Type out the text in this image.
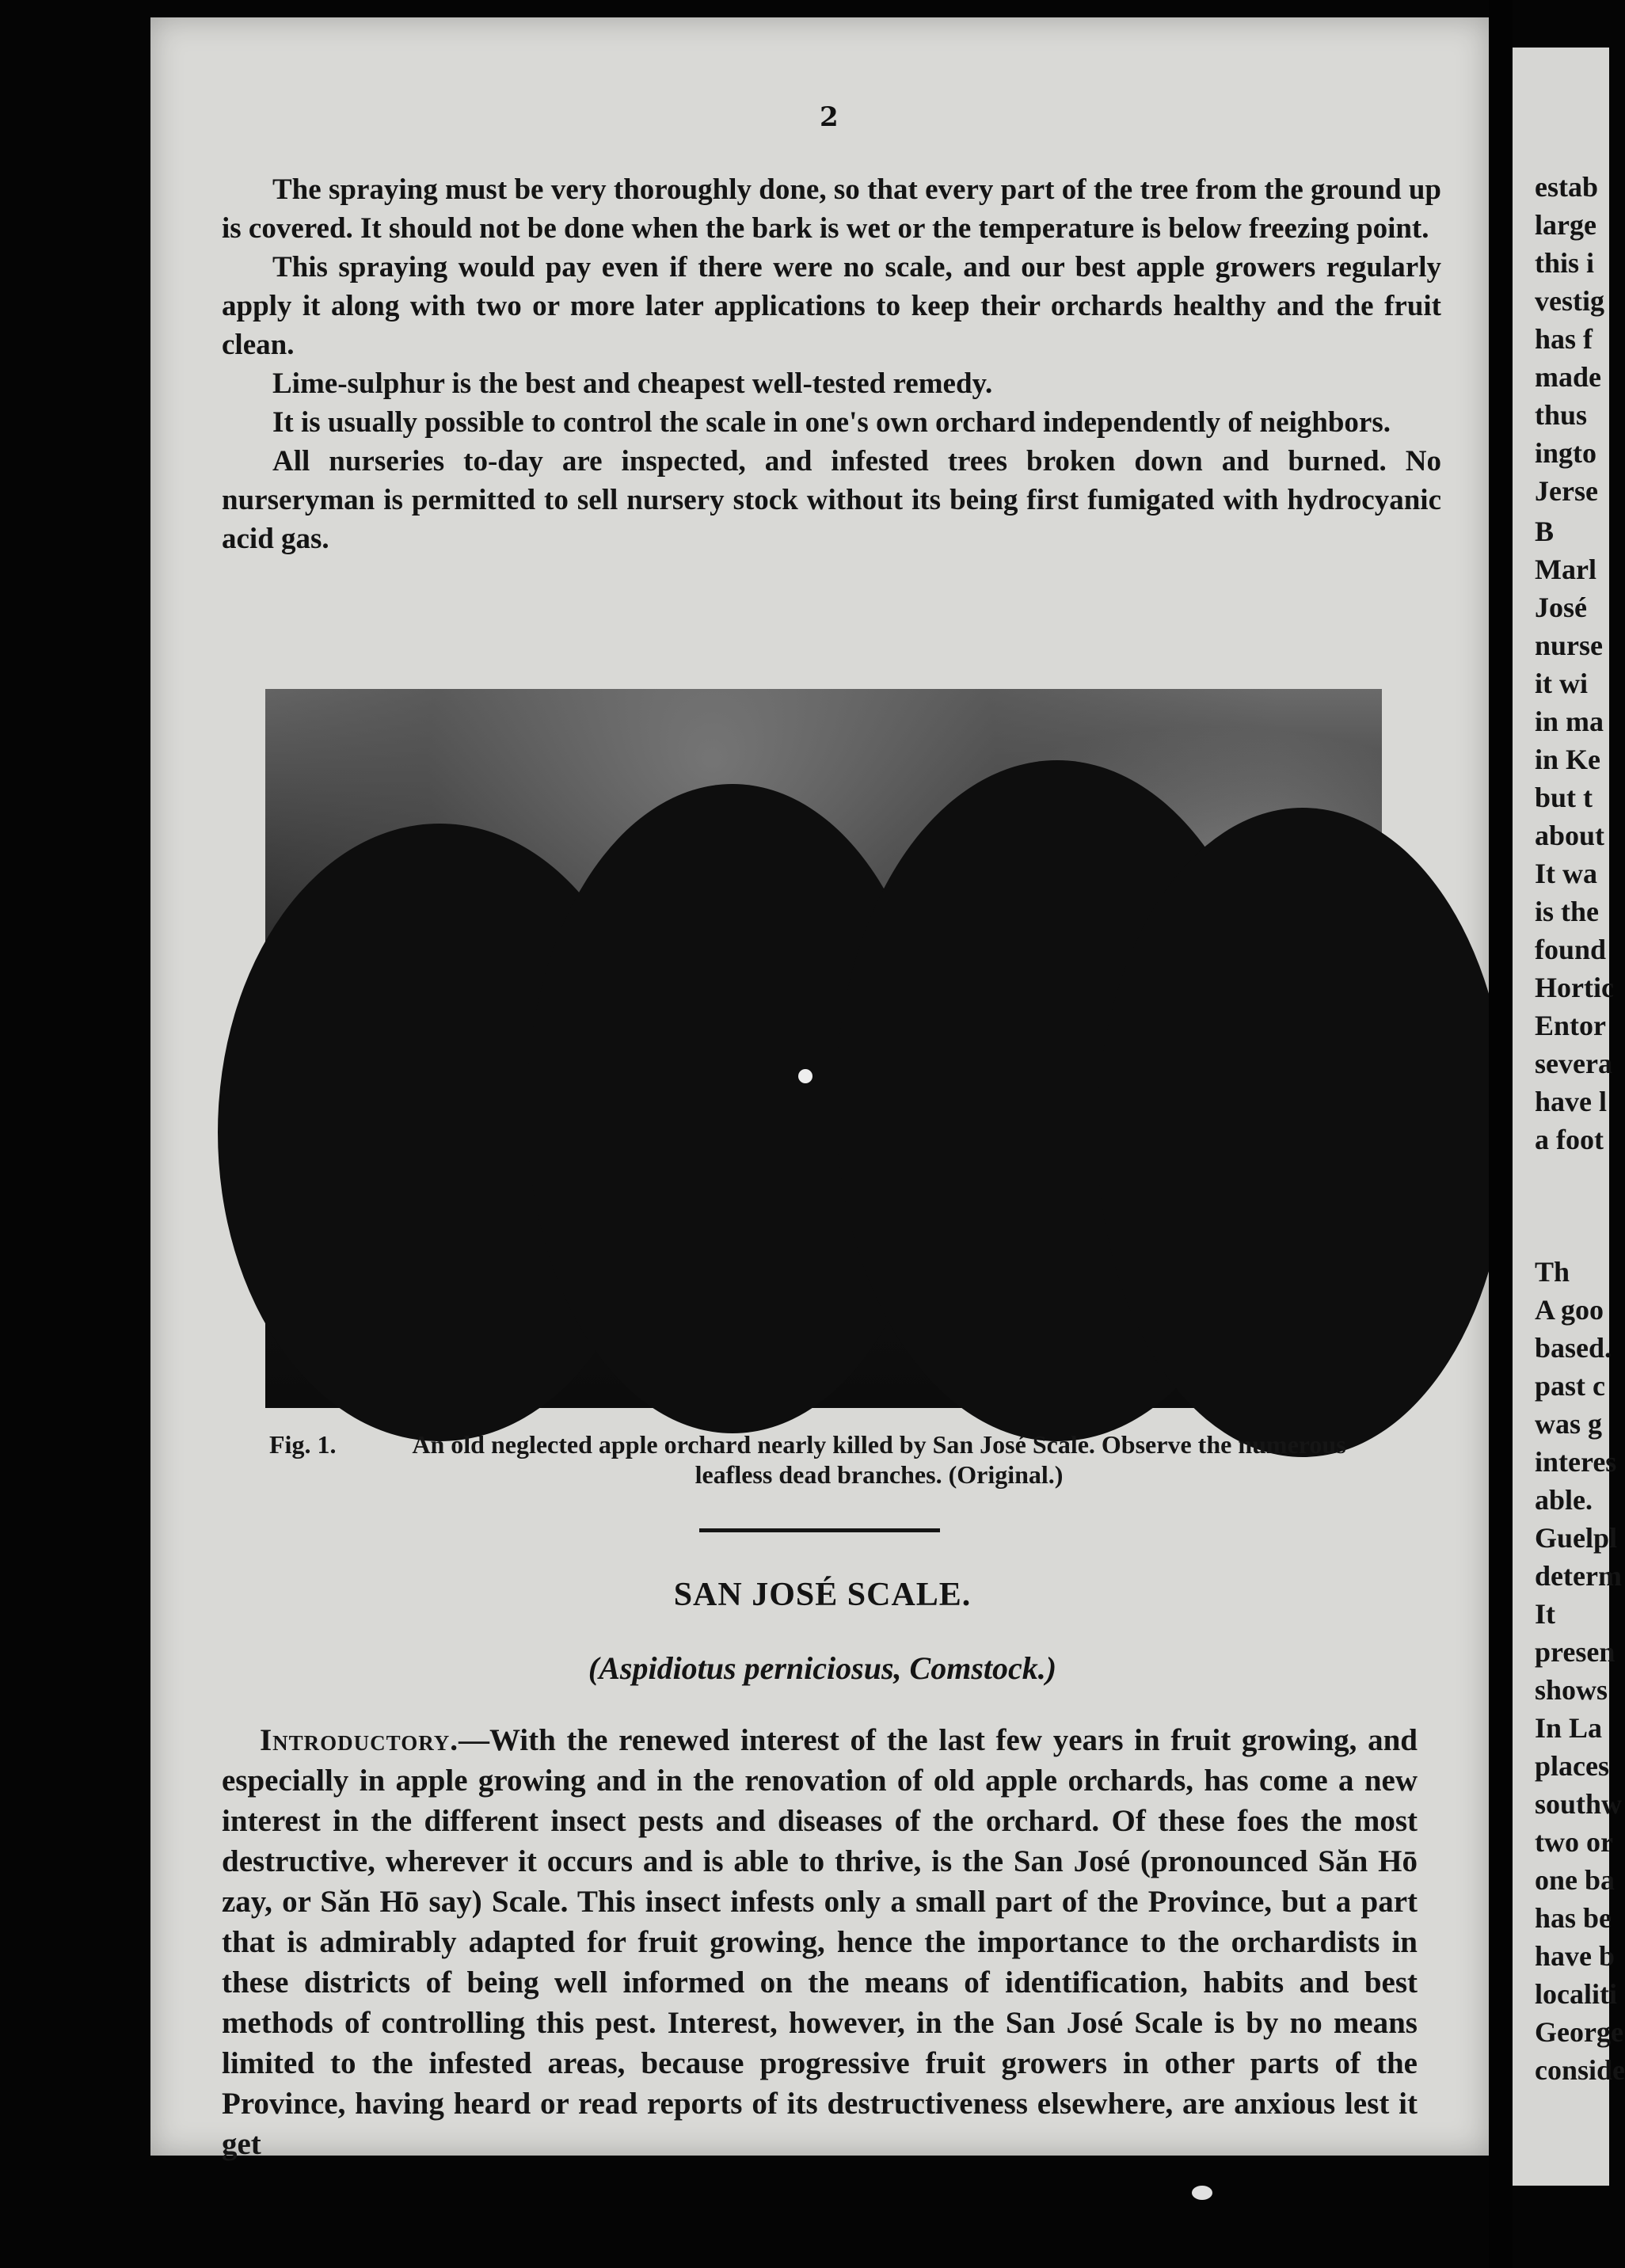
2

The spraying must be very thoroughly done, so that every part of the tree from the ground up is covered. It should not be done when the bark is wet or the temperature is below freezing point.

This spraying would pay even if there were no scale, and our best apple growers regularly apply it along with two or more later applications to keep their orchards healthy and the fruit clean.

Lime-sulphur is the best and cheapest well-tested remedy.

It is usually possible to control the scale in one's own orchard independently of neighbors.

All nurseries to-day are inspected, and infested trees broken down and burned. No nurseryman is permitted to sell nursery stock without its being first fumigated with hydrocyanic acid gas.

Fig. 1.	An old neglected apple orchard nearly killed by San José Scale. Observe the numerous leafless dead branches. (Original.)
SAN JOSÉ SCALE.
(Aspidiotus perniciosus, Comstock.)

Introductory.—With the renewed interest of the last few years in fruit growing, and especially in apple growing and in the renovation of old apple orchards, has come a new interest in the different insect pests and diseases of the orchard. Of these foes the most destructive, wherever it occurs and is able to thrive, is the San José (pronounced Săn Hō zay, or Săn Hō say) Scale. This insect infests only a small part of the Province, but a part that is admirably adapted for fruit growing, hence the importance to the orchardists in these districts of being well informed on the means of identification, habits and best methods of controlling this pest. Interest, however, in the San José Scale is by no means limited to the infested areas, because progressive fruit growers in other parts of the Province, having heard or read reports of its destructiveness elsewhere, are anxious lest it get

estab
large
this i
vestig
has f
made
thus
ingto
Jerse
B
Marl
José
nurse
it wi
in ma
in Ke
but t
about
It wa
is the
found
Hortic
Entor
severa
have l
a foot
Th
A goo
based.
past c
was g
interes
able.
Guelpl
determ
It
presen
shows
In La
places
southw
two or
one ba
has be
have b
localiti
George
conside
